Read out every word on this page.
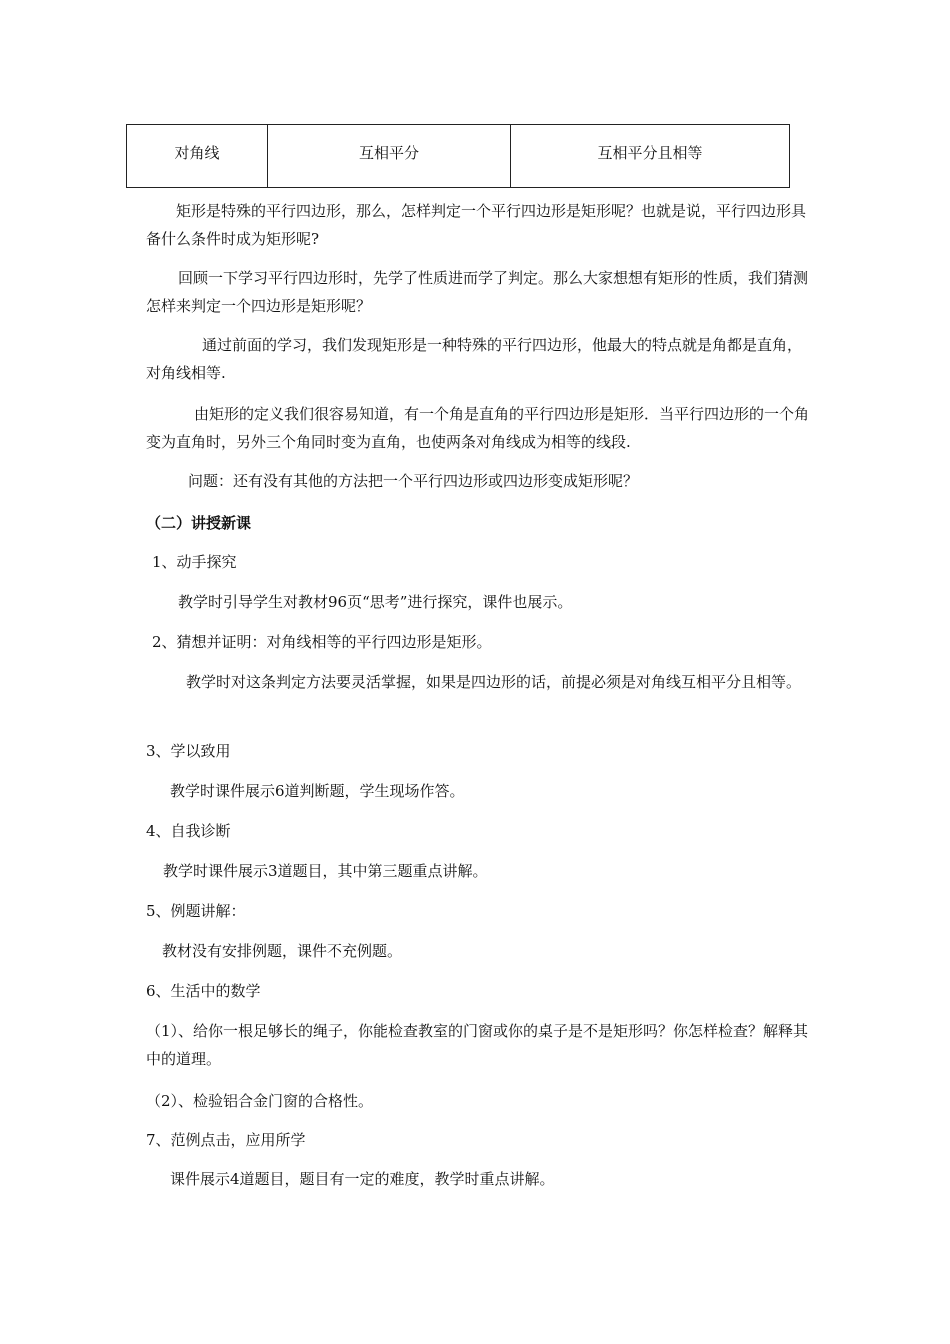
对角线	互相平分	互相平分且相等

矩形是特殊的平行四边形，那么，怎样判定一个平行四边形是矩形呢？也就是说，平行四边形具备什么条件时成为矩形呢?

回顾一下学习平行四边形时，先学了性质进而学了判定。那么大家想想有矩形的性质，我们猜测怎样来判定一个四边形是矩形呢？

通过前面的学习，我们发现矩形是一种特殊的平行四边形，他最大的特点就是角都是直角，对角线相等.

由矩形的定义我们很容易知道，有一个角是直角的平行四边形是矩形．当平行四边形的一个角变为直角时，另外三个角同时变为直角，也使两条对角线成为相等的线段.

问题：还有没有其他的方法把一个平行四边形或四边形变成矩形呢？

（二）讲授新课

1、动手探究

教学时引导学生对教材96页“思考”进行探究，课件也展示。

2、猜想并证明：对角线相等的平行四边形是矩形。

教学时对这条判定方法要灵活掌握，如果是四边形的话，前提必须是对角线互相平分且相等。

3、学以致用

教学时课件展示6道判断题，学生现场作答。

4、自我诊断

教学时课件展示3道题目，其中第三题重点讲解。

5、例题讲解：

教材没有安排例题，课件不充例题。

6、生活中的数学

（1）、给你一根足够长的绳子，你能检查教室的门窗或你的桌子是不是矩形吗？你怎样检查？解释其中的道理。

（2）、检验铝合金门窗的合格性。

7、范例点击，应用所学

课件展示4道题目，题目有一定的难度，教学时重点讲解。
